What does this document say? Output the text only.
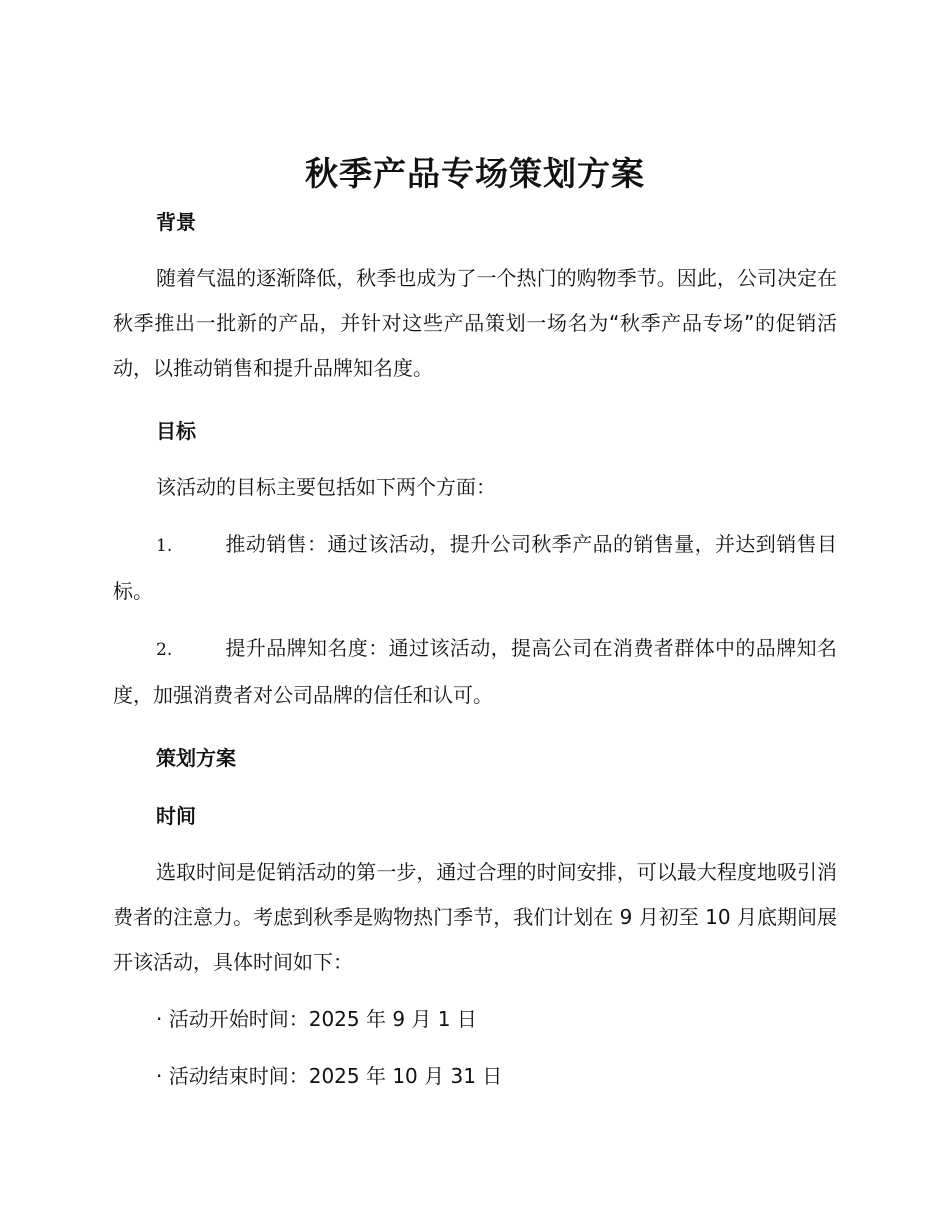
秋季产品专场策划方案

背景

随着气温的逐渐降低，秋季也成为了一个热门的购物季节。因此，公司决定在秋季推出一批新的产品，并针对这些产品策划一场名为“秋季产品专场”的促销活动，以推动销售和提升品牌知名度。

目标

该活动的目标主要包括如下两个方面：

1.	推动销售：通过该活动，提升公司秋季产品的销售量，并达到销售目标。

2.	提升品牌知名度：通过该活动，提高公司在消费者群体中的品牌知名度，加强消费者对公司品牌的信任和认可。

策划方案

时间

选取时间是促销活动的第一步，通过合理的时间安排，可以最大程度地吸引消费者的注意力。考虑到秋季是购物热门季节，我们计划在 9 月初至 10 月底期间展开该活动，具体时间如下：

· 活动开始时间：2025 年 9 月 1 日

· 活动结束时间：2025 年 10 月 31 日
